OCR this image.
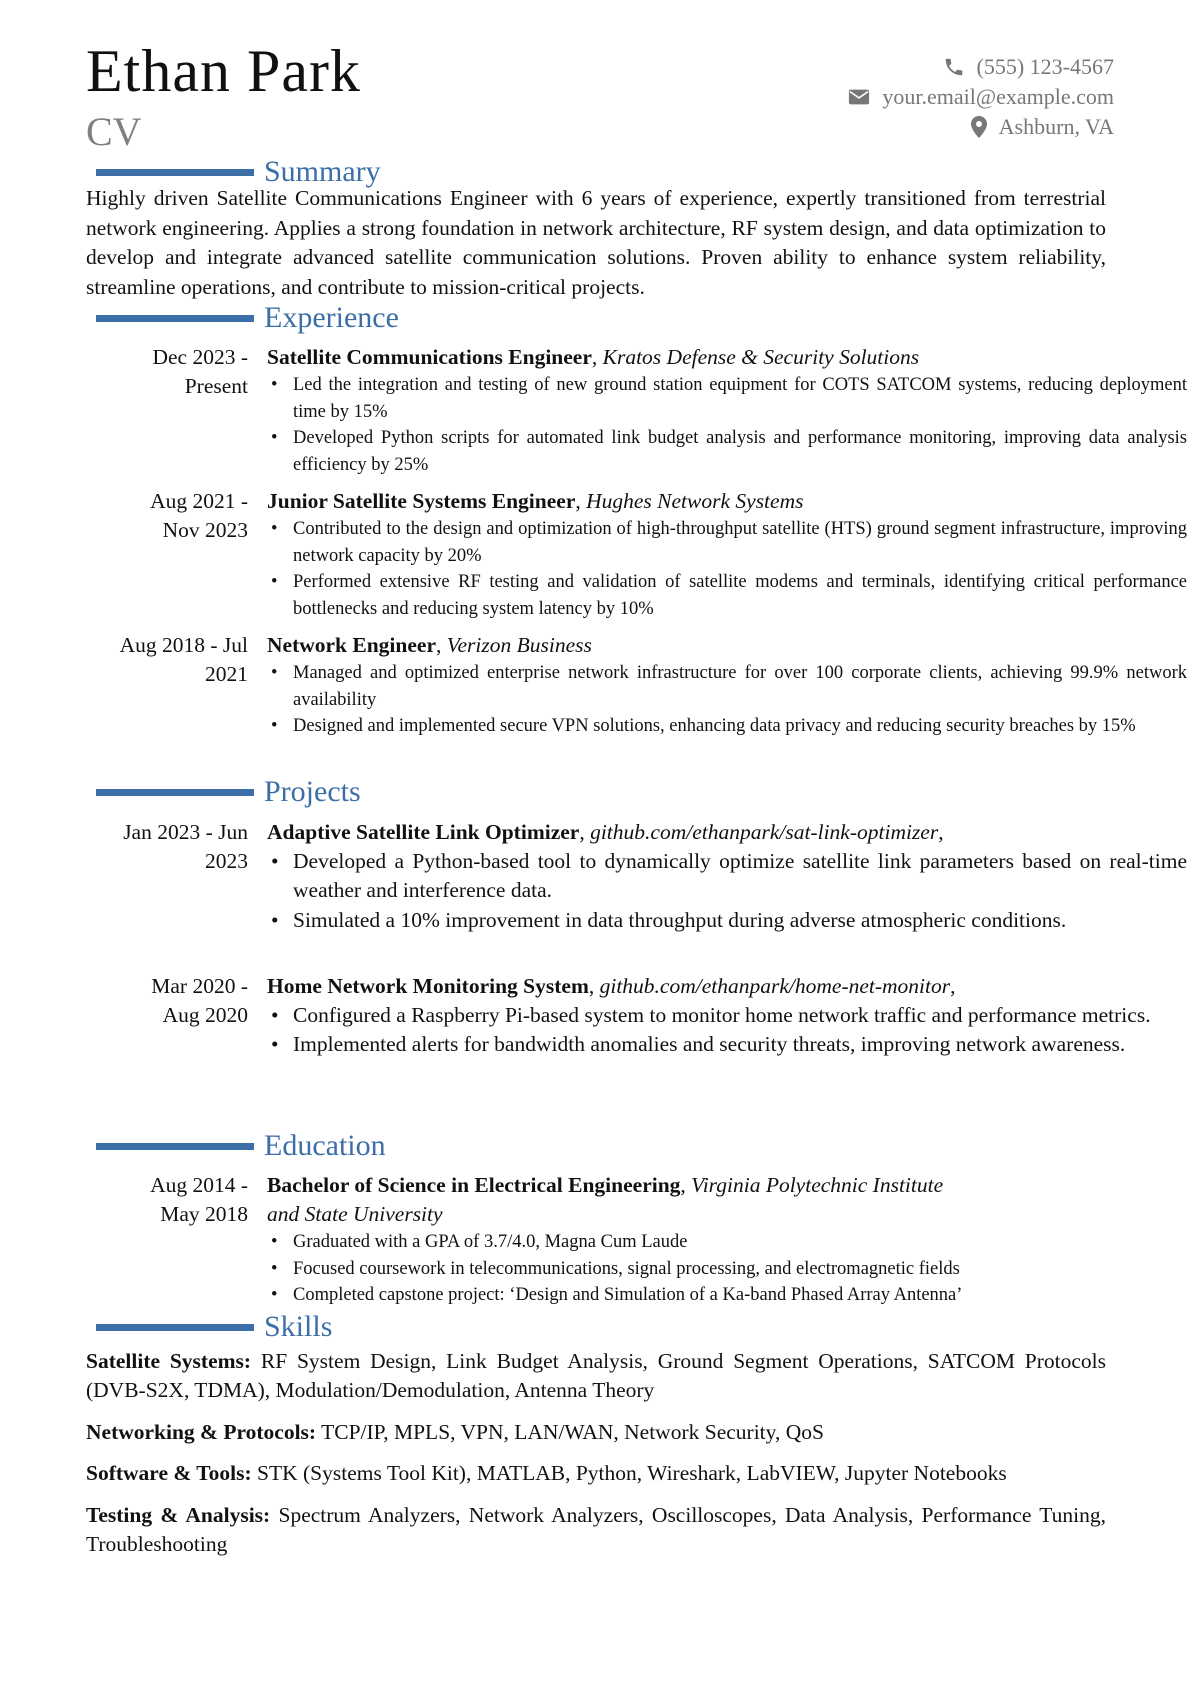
Ethan Park
CV
(555) 123-4567
your.email@example.com
Ashburn, VA
Summary
Highly driven Satellite Communications Engineer with 6 years of experience, expertly transitioned from terrestrial network engineering. Applies a strong foundation in network architecture, RF system design, and data optimization to develop and integrate advanced satellite communication solutions. Proven ability to enhance system reliability, streamline operations, and contribute to mission-critical projects.
Experience
Dec 2023 -
Present
Satellite Communications Engineer, Kratos Defense & Security Solutions
• Led the integration and testing of new ground station equipment for COTS SATCOM systems, reducing deployment time by 15%
• Developed Python scripts for automated link budget analysis and performance monitoring, improving data analysis efficiency by 25%
Aug 2021 -
Nov 2023
Junior Satellite Systems Engineer, Hughes Network Systems
• Contributed to the design and optimization of high-throughput satellite (HTS) ground segment infrastructure, improving network capacity by 20%
• Performed extensive RF testing and validation of satellite modems and terminals, identifying critical performance bottlenecks and reducing system latency by 10%
Aug 2018 - Jul
2021
Network Engineer, Verizon Business
• Managed and optimized enterprise network infrastructure for over 100 corporate clients, achieving 99.9% network availability
• Designed and implemented secure VPN solutions, enhancing data privacy and reducing security breaches by 15%
Projects
Jan 2023 - Jun
2023
Adaptive Satellite Link Optimizer, github.com/ethanpark/sat-link-optimizer,
• Developed a Python-based tool to dynamically optimize satellite link parameters based on real-time weather and interference data.
• Simulated a 10% improvement in data throughput during adverse atmospheric conditions.
Mar 2020 -
Aug 2020
Home Network Monitoring System, github.com/ethanpark/home-net-monitor,
• Configured a Raspberry Pi-based system to monitor home network traffic and performance metrics.
• Implemented alerts for bandwidth anomalies and security threats, improving network awareness.
Education
Aug 2014 -
May 2018
Bachelor of Science in Electrical Engineering, Virginia Polytechnic Institute
and State University
• Graduated with a GPA of 3.7/4.0, Magna Cum Laude
• Focused coursework in telecommunications, signal processing, and electromagnetic fields
• Completed capstone project: ‘Design and Simulation of a Ka-band Phased Array Antenna’
Skills
Satellite Systems: RF System Design, Link Budget Analysis, Ground Segment Operations, SATCOM Protocols (DVB-S2X, TDMA), Modulation/Demodulation, Antenna Theory
Networking & Protocols: TCP/IP, MPLS, VPN, LAN/WAN, Network Security, QoS
Software & Tools: STK (Systems Tool Kit), MATLAB, Python, Wireshark, LabVIEW, Jupyter Notebooks
Testing & Analysis: Spectrum Analyzers, Network Analyzers, Oscilloscopes, Data Analysis, Performance Tuning, Troubleshooting
